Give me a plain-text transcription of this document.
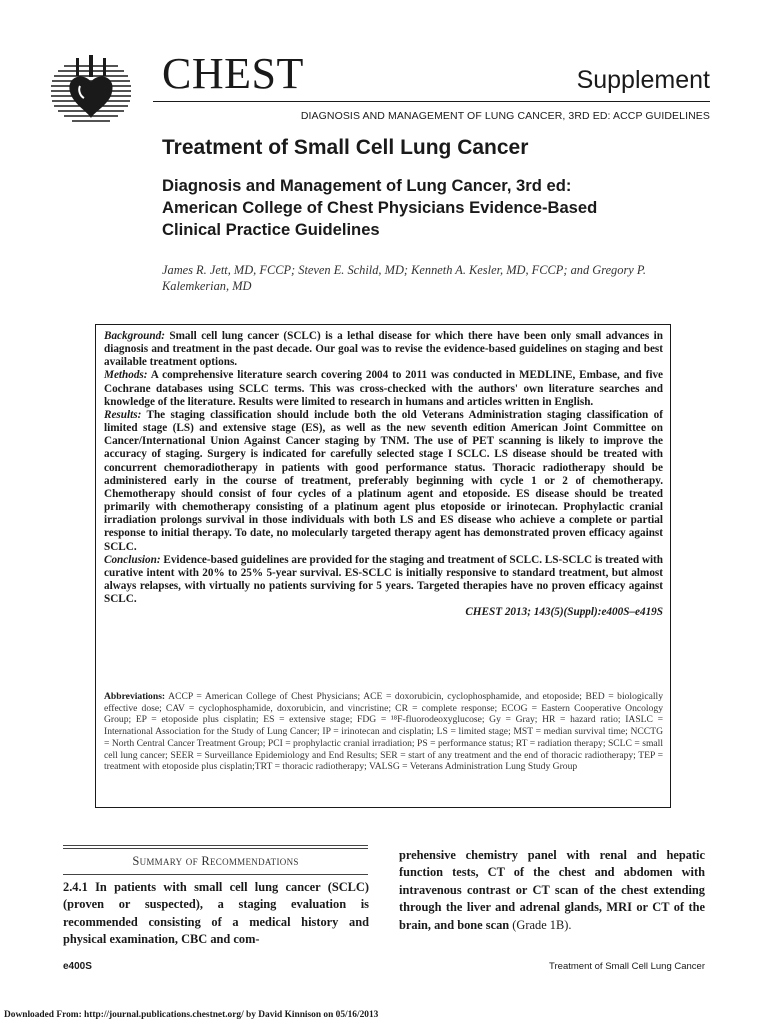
CHEST	Supplement
DIAGNOSIS AND MANAGEMENT OF LUNG CANCER, 3RD ED: ACCP GUIDELINES
Treatment of Small Cell Lung Cancer
Diagnosis and Management of Lung Cancer, 3rd ed: American College of Chest Physicians Evidence-Based Clinical Practice Guidelines
James R. Jett, MD, FCCP; Steven E. Schild, MD; Kenneth A. Kesler, MD, FCCP; and Gregory P. Kalemkerian, MD

Background: Small cell lung cancer (SCLC) is a lethal disease for which there have been only small advances in diagnosis and treatment in the past decade. Our goal was to revise the evidence-based guidelines on staging and best available treatment options.

Methods: A comprehensive literature search covering 2004 to 2011 was conducted in MEDLINE, Embase, and five Cochrane databases using SCLC terms. This was cross-checked with the authors' own literature searches and knowledge of the literature. Results were limited to research in humans and articles written in English.

Results: The staging classification should include both the old Veterans Administration staging classification of limited stage (LS) and extensive stage (ES), as well as the new seventh edition American Joint Committee on Cancer/International Union Against Cancer staging by TNM. The use of PET scanning is likely to improve the accuracy of staging. Surgery is indicated for carefully selected stage I SCLC. LS disease should be treated with concurrent chemoradiotherapy in patients with good performance status. Thoracic radiotherapy should be administered early in the course of treatment, preferably beginning with cycle 1 or 2 of chemotherapy. Chemotherapy should consist of four cycles of a platinum agent and etoposide. ES disease should be treated primarily with chemotherapy consisting of a platinum agent plus etoposide or irinotecan. Prophylactic cranial irradiation prolongs survival in those individuals with both LS and ES disease who achieve a complete or partial response to initial therapy. To date, no molecularly targeted therapy agent has demonstrated proven efficacy against SCLC.

Conclusion: Evidence-based guidelines are provided for the staging and treatment of SCLC. LS-SCLC is treated with curative intent with 20% to 25% 5-year survival. ES-SCLC is initially responsive to standard treatment, but almost always relapses, with virtually no patients surviving for 5 years. Targeted therapies have no proven efficacy against SCLC.

CHEST 2013; 143(5)(Suppl):e400S–e419S
Abbreviations: ACCP = American College of Chest Physicians; ACE = doxorubicin, cyclophosphamide, and etoposide; BED = biologically effective dose; CAV = cyclophosphamide, doxorubicin, and vincristine; CR = complete response; ECOG = Eastern Cooperative Oncology Group; EP = etoposide plus cisplatin; ES = extensive stage; FDG = ¹⁸F-fluorodeoxyglucose; Gy = Gray; HR = hazard ratio; IASLC = International Association for the Study of Lung Cancer; IP = irinotecan and cisplatin; LS = limited stage; MST = median survival time; NCCTG = North Central Cancer Treatment Group; PCI = prophylactic cranial irradiation; PS = performance status; RT = radiation therapy; SCLC = small cell lung cancer; SEER = Surveillance Epidemiology and End Results; SER = start of any treatment and the end of thoracic radiotherapy; TEP = treatment with etoposide plus cisplatin;TRT = thoracic radiotherapy; VALSG = Veterans Administration Lung Study Group
Summary of Recommendations
2.4.1 In patients with small cell lung cancer (SCLC) (proven or suspected), a staging evaluation is recommended consisting of a medical history and physical examination, CBC and com-
prehensive chemistry panel with renal and hepatic function tests, CT of the chest and abdomen with intravenous contrast or CT scan of the chest extending through the liver and adrenal glands, MRI or CT of the brain, and bone scan (Grade 1B).
e400S	Treatment of Small Cell Lung Cancer
Downloaded From: http://journal.publications.chestnet.org/ by David Kinnison on 05/16/2013
